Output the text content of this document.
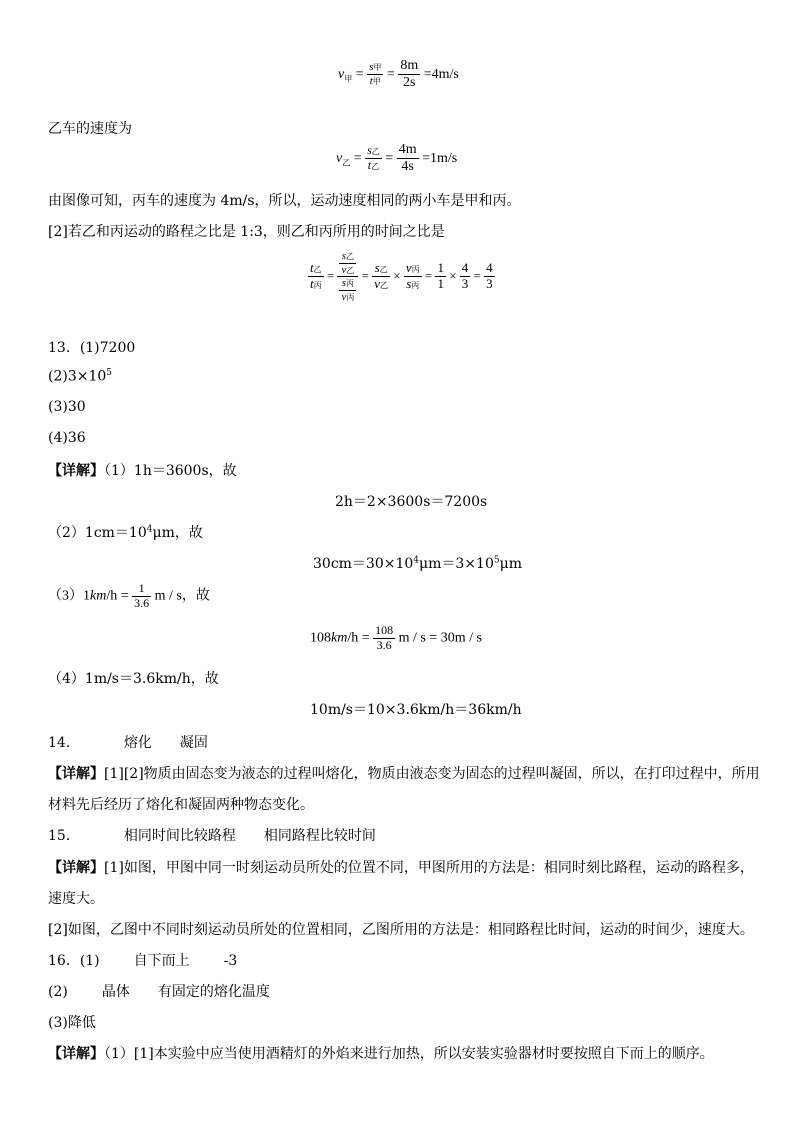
$v_甲 = \frac{\text{s甲}}{\text{t甲}} = \frac{8m}{2s} =4m/s$
乙车的速度为
$v_乙 = \frac{\text{s乙}}{\text{t乙}} = \frac{4m}{4s} =1m/s$
由图像可知，丙车的速度为 4m/s，所以，运动速度相同的两小车是甲和丙。
[2]若乙和丙运动的路程之比是 1:3，则乙和丙所用的时间之比是
$\frac{\text{t乙}}{\text{t丙}} = \frac{\frac{\text{s乙}}{\text{v乙}}}{\frac{\text{s丙}}{\text{v丙}}} = \frac{\text{s乙}}{\text{v乙}} \times \frac{\text{v丙}}{\text{s丙}} = \frac{1}{1} \times \frac{4}{3} = \frac{4}{3}$
13．(1)7200
$(2)3\times 10^5$
(3)30
(4)36
【详解】（1）1h＝3600s，故
2h＝2×3600s＝7200s
$(2)1cm=10^4\mu m$，故
$30cm=30\times 10^4\mu m=3\times 10^5\mu m$
$(3)1km/h = \frac{1}{3.6}$ m / s，故
$108km/h = \frac{108}{3.6}$ m / s = 30m / s
（4）1m/s＝3.6km/h，故
10m/s＝10×3.6km/h＝36km/h
14．	熔化 凝固
【详解】[1][2]物质由固态变为液态的过程叫熔化，物质由液态变为固态的过程叫凝固，所以，在打印过程中，所用
材料先后经历了熔化和凝固两种物态变化。
15．	相同时间比较路程 相同路程比较时间
【详解】[1]如图，甲图中同一时刻运动员所处的位置不同，甲图所用的方法是：相同时刻比路程，运动的路程多，
速度大。
[2]如图，乙图中不同时刻运动员所处的位置相同，乙图所用的方法是：相同路程比时间，运动的时间少，速度大。
16．(1) 自下而上 -3
(2) 晶体 有固定的熔化温度
(3)降低
【详解】（1）[1]本实验中应当使用酒精灯的外焰来进行加热，所以安装实验器材时要按照自下而上的顺序。
